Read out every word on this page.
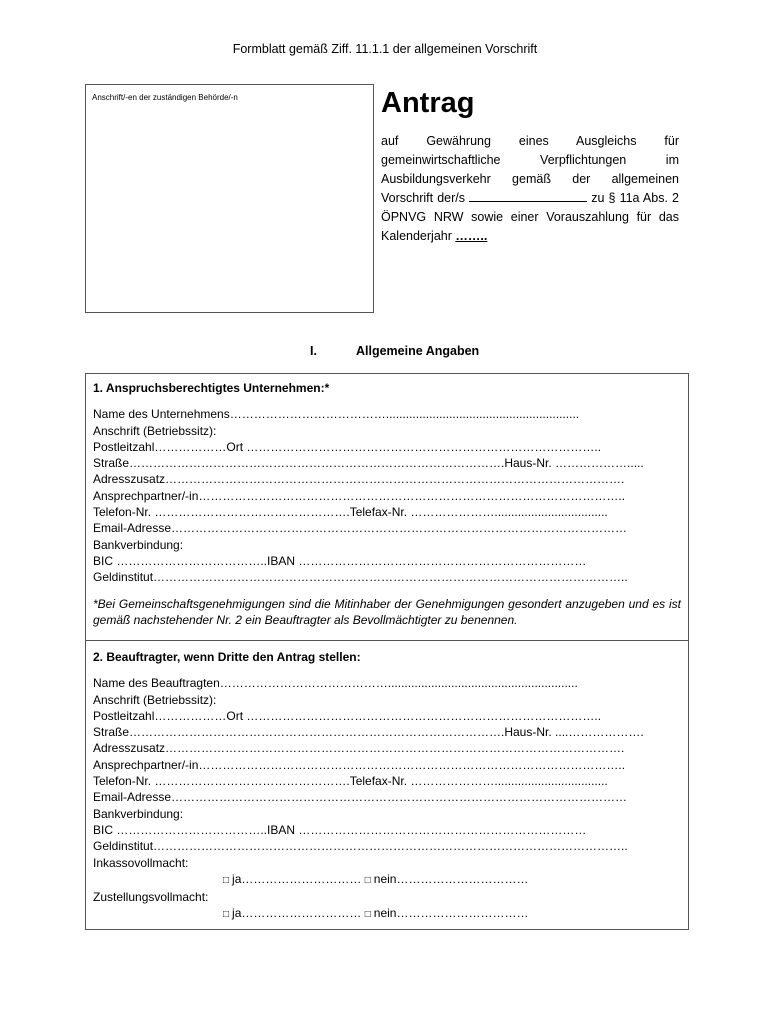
Formblatt gemäß Ziff. 11.1.1 der allgemeinen Vorschrift
Anschrift/-en der zuständigen Behörde/-n	Antrag
auf Gewährung eines Ausgleichs für gemeinwirtschaftliche Verpflichtungen im Ausbildungsverkehr gemäß der allgemeinen Vorschrift der/s	zu § 11a Abs. 2 ÖPNVG NRW sowie einer Vorauszahlung für das Kalenderjahr ……..
I.	Allgemeine Angaben
1. Anspruchsberechtigtes Unternehmen:*
Name des Unternehmens…………………………………..........................................................
Anschrift (Betriebssitz):
Postleitzahl………………Ort ……………………………………………………………………………..
Straße………………………………………………………………………………….Haus-Nr. ……………….....
Adresszusatz…………………………………………………………………………………………………….
Ansprechpartner/-in……………………………………………………………………………………………..
Telefon-Nr. ………………………………………….Telefax-Nr. …………………..................................
Email-Adresse……………………………………………………………………………………………………
Bankverbindung:
BIC ………………………………..IBAN ………………………………………………………………
Geldinstitut………………………………………………………………………………………………………..
*Bei Gemeinschaftsgenehmigungen sind die Mitinhaber der Genehmigungen gesondert anzugeben und es ist gemäß nachstehender Nr. 2 ein Beauftragter als Bevollmächtigter zu benennen.
2. Beauftragter, wenn Dritte den Antrag stellen:
Name des Beauftragten…………………………………….........................................................
Anschrift (Betriebssitz):
Postleitzahl………………Ort ……………………………………………………………………………..
Straße………………………………………………………………………………….Haus-Nr. ....……………….
Adresszusatz…………………………………………………………………………………………………….
Ansprechpartner/-in……………………………………………………………………………………………..
Telefon-Nr. ………………………………………….Telefax-Nr. …………………..................................
Email-Adresse……………………………………………………………………………………………………
Bankverbindung:
BIC ………………………………..IBAN ………………………………………………………………
Geldinstitut………………………………………………………………………………………………………..
Inkassovollmacht:
□ ja………………………… □ nein……………………………
Zustellungsvollmacht:
□ ja………………………… □ nein……………………………
